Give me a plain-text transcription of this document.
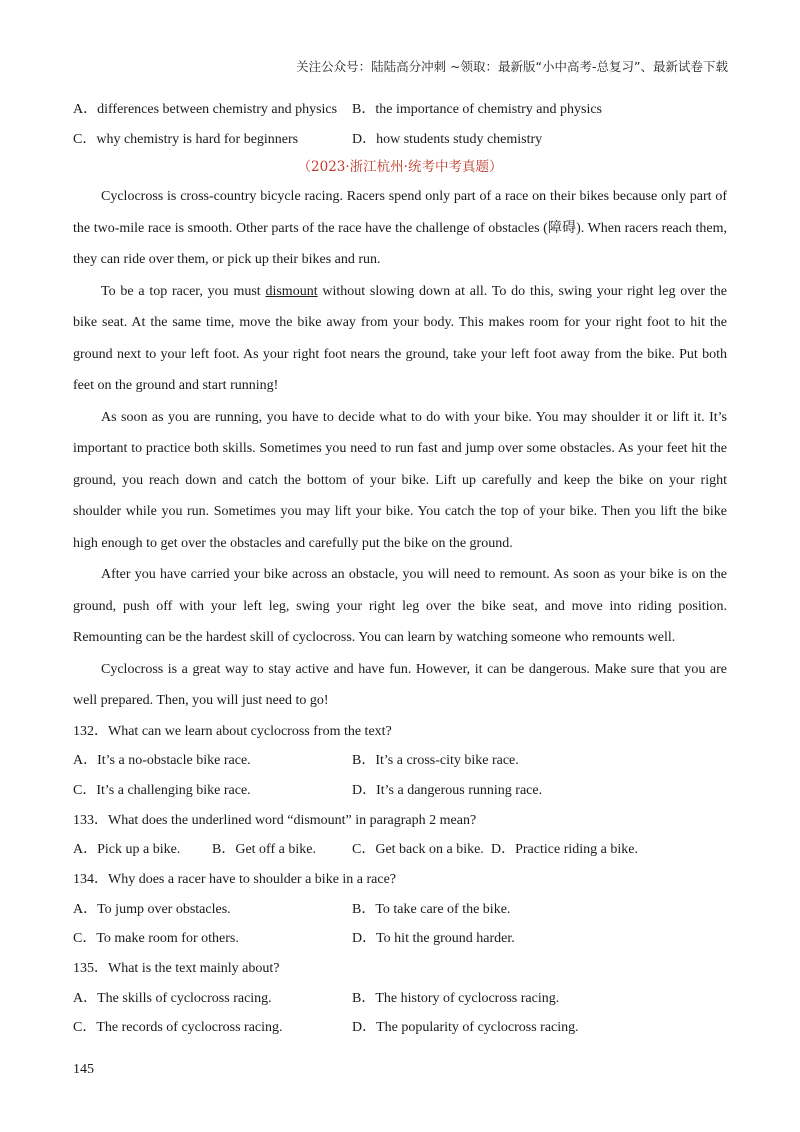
关注公众号：陆陆高分冲刺 ~领取：最新版“小中高考-总复习”、最新试卷下载
A．differences between chemistry and physics	B．the importance of chemistry and physics
C．why chemistry is hard for beginners	D．how students study chemistry
（2023·浙江杭州·统考中考真题）

Cyclocross is cross-country bicycle racing. Racers spend only part of a race on their bikes because only part of the two-mile race is smooth. Other parts of the race have the challenge of obstacles (障碍). When racers reach them, they can ride over them, or pick up their bikes and run.

To be a top racer, you must dismount without slowing down at all. To do this, swing your right leg over the bike seat. At the same time, move the bike away from your body. This makes room for your right foot to hit the ground next to your left foot. As your right foot nears the ground, take your left foot away from the bike. Put both feet on the ground and start running!

As soon as you are running, you have to decide what to do with your bike. You may shoulder it or lift it. It’s important to practice both skills. Sometimes you need to run fast and jump over some obstacles. As your feet hit the ground, you reach down and catch the bottom of your bike. Lift up carefully and keep the bike on your right shoulder while you run. Sometimes you may lift your bike. You catch the top of your bike. Then you lift the bike high enough to get over the obstacles and carefully put the bike on the ground.

After you have carried your bike across an obstacle, you will need to remount. As soon as your bike is on the ground, push off with your left leg, swing your right leg over the bike seat, and move into riding position. Remounting can be the hardest skill of cyclocross. You can learn by watching someone who remounts well.

Cyclocross is a great way to stay active and have fun. However, it can be dangerous. Make sure that you are well prepared. Then, you will just need to go!

132．What can we learn about cyclocross from the text?
A．It’s a no-obstacle bike race.	B．It’s a cross-city bike race.
C．It’s a challenging bike race.	D．It’s a dangerous running race.
133．What does the underlined word “dismount” in paragraph 2 mean?
A．Pick up a bike. B．Get off a bike.	C．Get back on a bike. D．Practice riding a bike.
134．Why does a racer have to shoulder a bike in a race?
A．To jump over obstacles.	B．To take care of the bike.
C．To make room for others.	D．To hit the ground harder.
135．What is the text mainly about?
A．The skills of cyclocross racing.	B．The history of cyclocross racing.
C．The records of cyclocross racing.	D．The popularity of cyclocross racing.
145
